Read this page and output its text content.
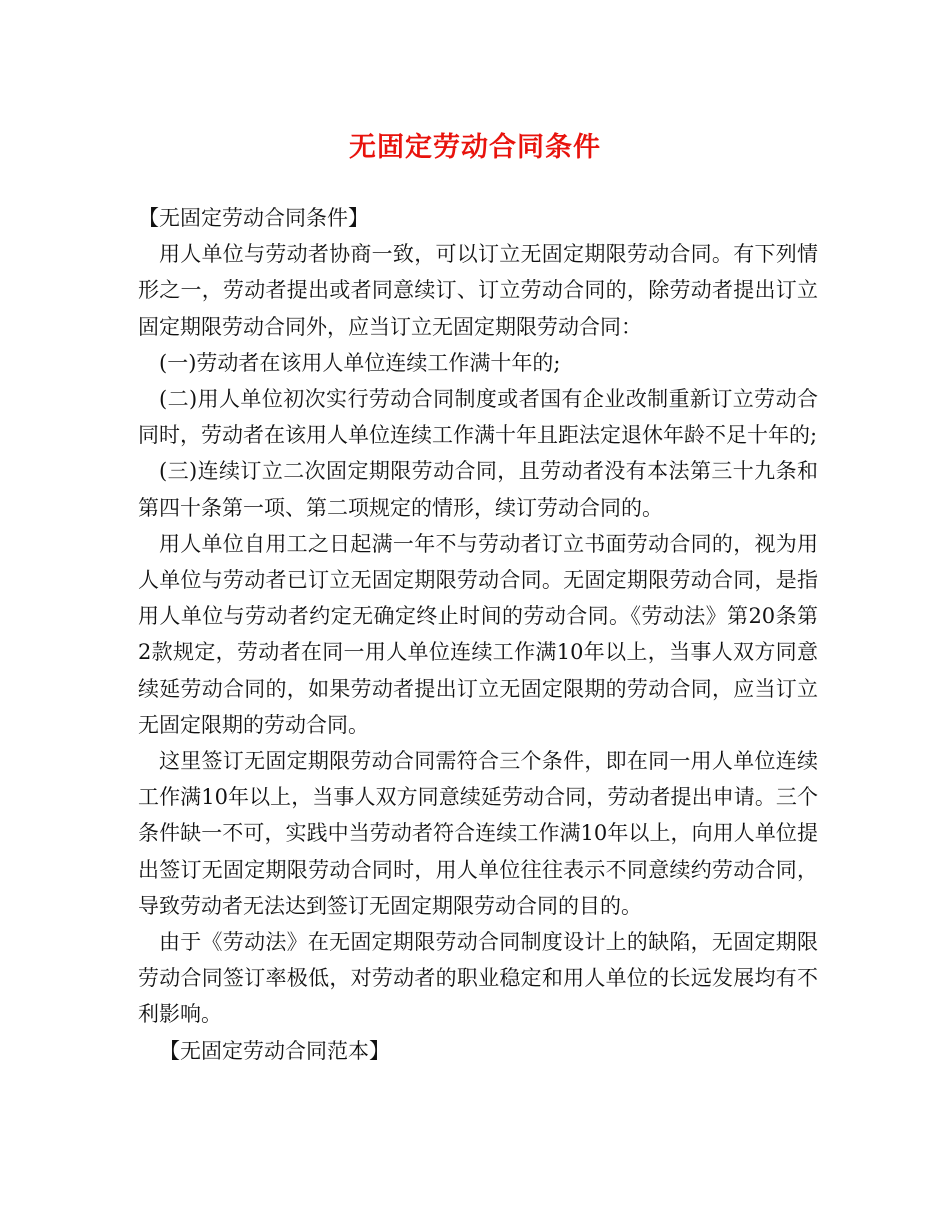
无固定劳动合同条件

【无固定劳动合同条件】

用人单位与劳动者协商一致，可以订立无固定期限劳动合同。有下列情形之一，劳动者提出或者同意续订、订立劳动合同的，除劳动者提出订立固定期限劳动合同外，应当订立无固定期限劳动合同：

(一)劳动者在该用人单位连续工作满十年的;

(二)用人单位初次实行劳动合同制度或者国有企业改制重新订立劳动合同时，劳动者在该用人单位连续工作满十年且距法定退休年龄不足十年的;

(三)连续订立二次固定期限劳动合同，且劳动者没有本法第三十九条和第四十条第一项、第二项规定的情形，续订劳动合同的。

用人单位自用工之日起满一年不与劳动者订立书面劳动合同的，视为用人单位与劳动者已订立无固定期限劳动合同。无固定期限劳动合同，是指用人单位与劳动者约定无确定终止时间的劳动合同。《劳动法》第20条第2款规定，劳动者在同一用人单位连续工作满10年以上，当事人双方同意续延劳动合同的，如果劳动者提出订立无固定限期的劳动合同，应当订立无固定限期的劳动合同。

这里签订无固定期限劳动合同需符合三个条件，即在同一用人单位连续工作满10年以上，当事人双方同意续延劳动合同，劳动者提出申请。三个条件缺一不可，实践中当劳动者符合连续工作满10年以上，向用人单位提出签订无固定期限劳动合同时，用人单位往往表示不同意续约劳动合同，导致劳动者无法达到签订无固定期限劳动合同的目的。

由于《劳动法》在无固定期限劳动合同制度设计上的缺陷，无固定期限劳动合同签订率极低，对劳动者的职业稳定和用人单位的长远发展均有不利影响。

【无固定劳动合同范本】
